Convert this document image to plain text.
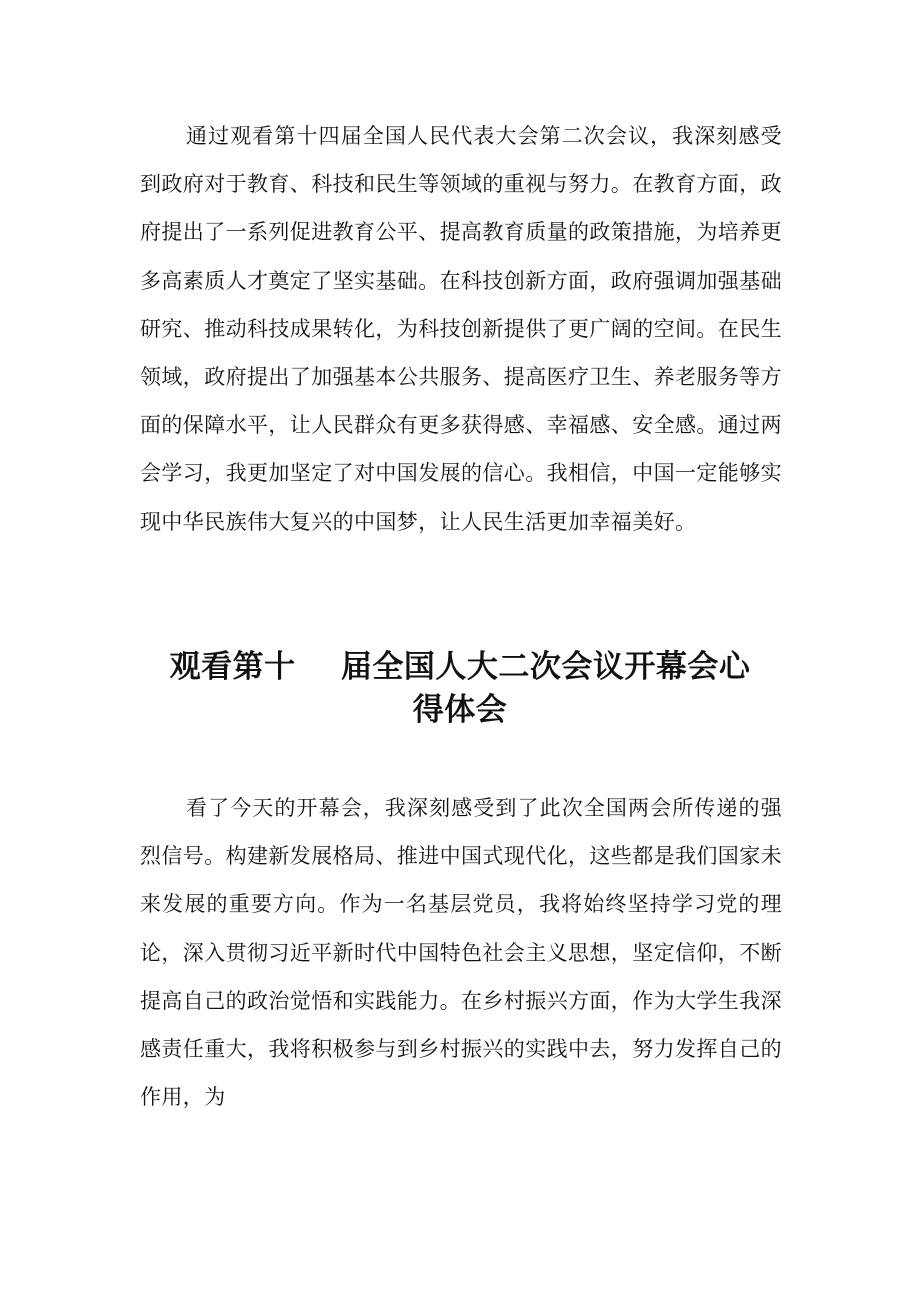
通过观看第十四届全国人民代表大会第二次会议，我深刻感受到政府对于教育、科技和民生等领域的重视与努力。在教育方面，政府提出了一系列促进教育公平、提高教育质量的政策措施，为培养更多高素质人才奠定了坚实基础。在科技创新方面，政府强调加强基础研究、推动科技成果转化，为科技创新提供了更广阔的空间。在民生领域，政府提出了加强基本公共服务、提高医疗卫生、养老服务等方面的保障水平，让人民群众有更多获得感、幸福感、安全感。通过两会学习，我更加坚定了对中国发展的信心。我相信，中国一定能够实现中华民族伟大复兴的中国梦，让人民生活更加幸福美好。

观看第十    届全国人大二次会议开幕会心
得体会

看了今天的开幕会，我深刻感受到了此次全国两会所传递的强烈信号。构建新发展格局、推进中国式现代化，这些都是我们国家未来发展的重要方向。作为一名基层党员，我将始终坚持学习党的理论，深入贯彻习近平新时代中国特色社会主义思想，坚定信仰，不断提高自己的政治觉悟和实践能力。在乡村振兴方面，作为大学生我深感责任重大，我将积极参与到乡村振兴的实践中去，努力发挥自己的作用，为
